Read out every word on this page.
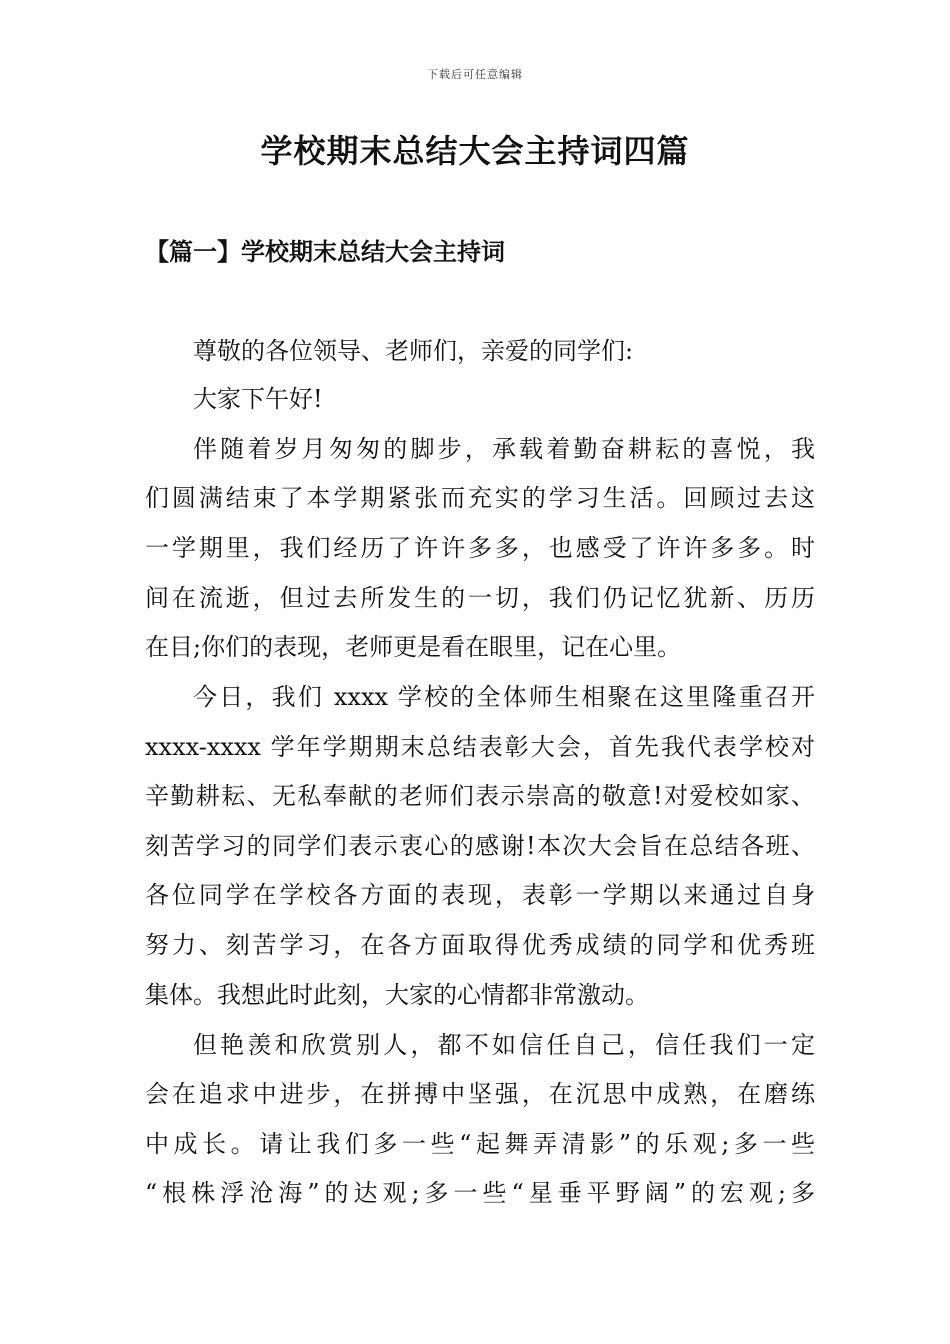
下载后可任意编辑
学校期末总结大会主持词四篇
【篇一】学校期末总结大会主持词
尊敬的各位领导、老师们，亲爱的同学们:
大家下午好!
伴随着岁月匆匆的脚步，承载着勤奋耕耘的喜悦，我
们圆满结束了本学期紧张而充实的学习生活。回顾过去这
一学期里，我们经历了许许多多，也感受了许许多多。时
间在流逝，但过去所发生的一切，我们仍记忆犹新、历历
在目;你们的表现，老师更是看在眼里，记在心里。
今日，我们 xxxx 学校的全体师生相聚在这里隆重召开
xxxx-xxxx 学年学期期末总结表彰大会，首先我代表学校对
辛勤耕耘、无私奉献的老师们表示崇高的敬意!对爱校如家、
刻苦学习的同学们表示衷心的感谢!本次大会旨在总结各班、
各位同学在学校各方面的表现，表彰一学期以来通过自身
努力、刻苦学习，在各方面取得优秀成绩的同学和优秀班
集体。我想此时此刻，大家的心情都非常激动。
但艳羡和欣赏别人，都不如信任自己，信任我们一定
会在追求中进步，在拼搏中坚强，在沉思中成熟，在磨练
中成长。请让我们多一些“起舞弄清影”的乐观;多一些
“根株浮沧海”的达观;多一些“星垂平野阔”的宏观;多
